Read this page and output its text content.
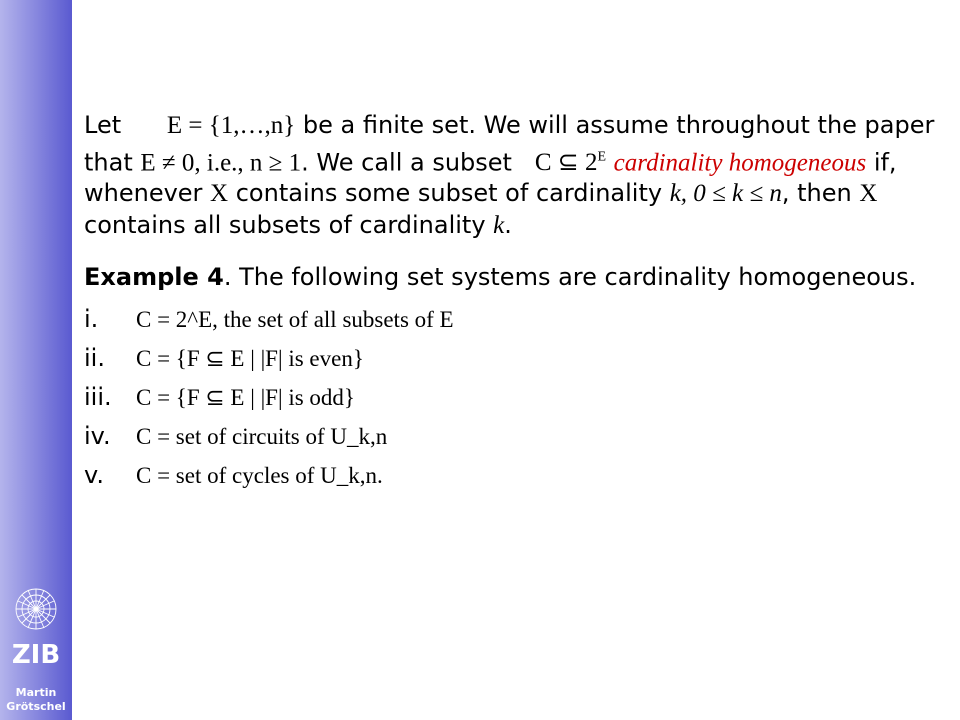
ZIB
Martin
Grötschel

Let E = {1,…,n} be a finite set. We will assume throughout the paper that E ≠ 0, i.e., n ≥ 1. We call a subset   C ⊆ $2^E$ cardinality homogeneous if, whenever X contains some subset of cardinality k, 0 ≤ k ≤ n, then X contains all subsets of cardinality k.

Example 4. The following set systems are cardinality homogeneous.

i.	C = 2^E, the set of all subsets of E
ii.	C = {F ⊆ E | |F| is even}
iii.	C = {F ⊆ E | |F| is odd}
iv.	C = set of circuits of U_k,n
v.	C = set of cycles of U_k,n.
